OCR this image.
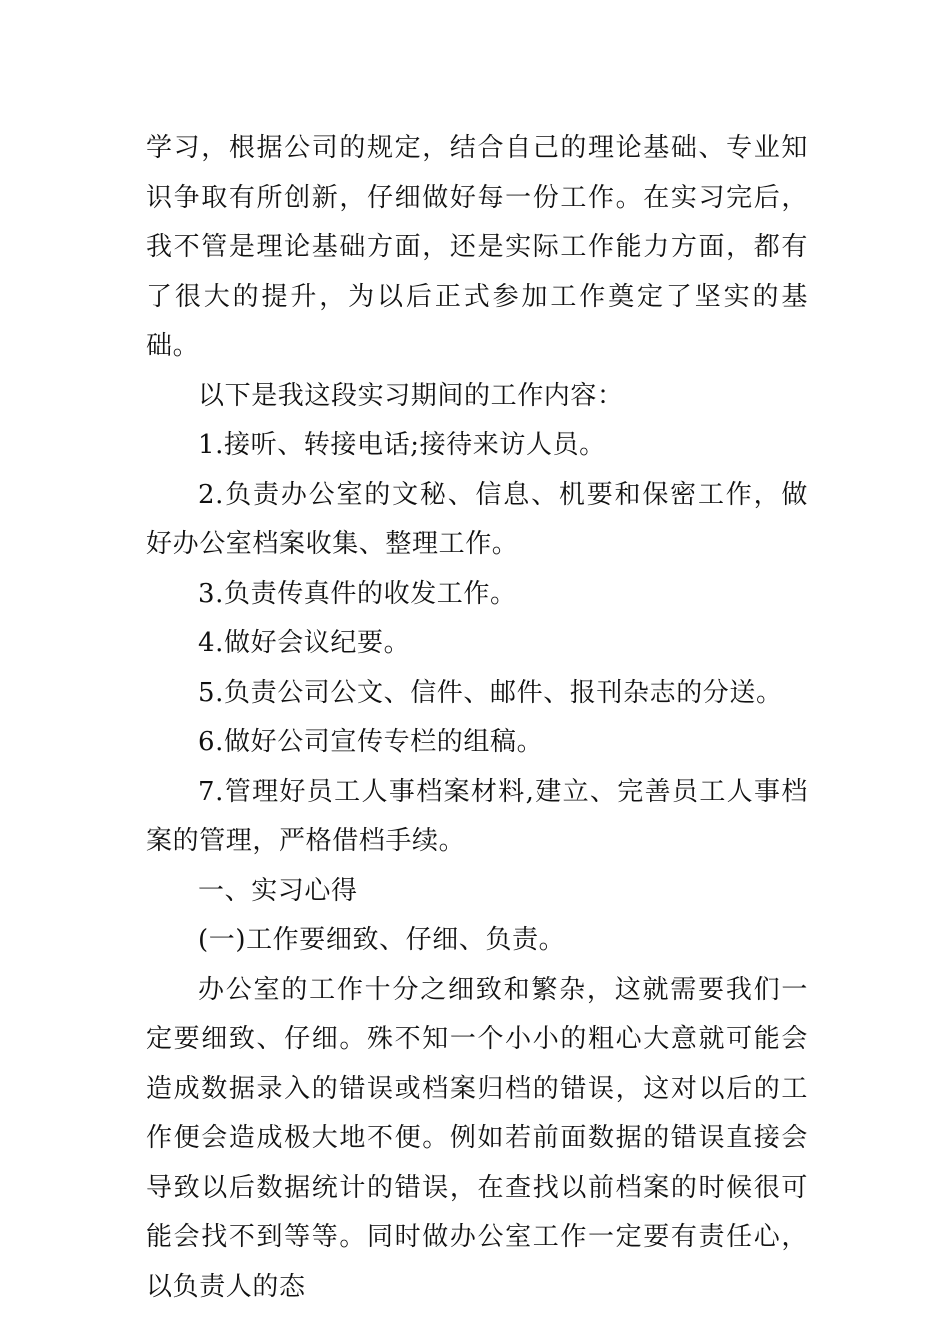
学习，根据公司的规定，结合自己的理论基础、专业知识争取有所创新，仔细做好每一份工作。在实习完后，我不管是理论基础方面，还是实际工作能力方面，都有了很大的提升，为以后正式参加工作奠定了坚实的基础。

以下是我这段实习期间的工作内容：

1.接听、转接电话;接待来访人员。

2.负责办公室的文秘、信息、机要和保密工作，做好办公室档案收集、整理工作。

3.负责传真件的收发工作。

4.做好会议纪要。

5.负责公司公文、信件、邮件、报刊杂志的分送。

6.做好公司宣传专栏的组稿。

7.管理好员工人事档案材料,建立、完善员工人事档案的管理，严格借档手续。

一、实习心得

(一)工作要细致、仔细、负责。

办公室的工作十分之细致和繁杂，这就需要我们一定要细致、仔细。殊不知一个小小的粗心大意就可能会造成数据录入的错误或档案归档的错误，这对以后的工作便会造成极大地不便。例如若前面数据的错误直接会导致以后数据统计的错误，在查找以前档案的时候很可能会找不到等等。同时做办公室工作一定要有责任心，以负责人的态
